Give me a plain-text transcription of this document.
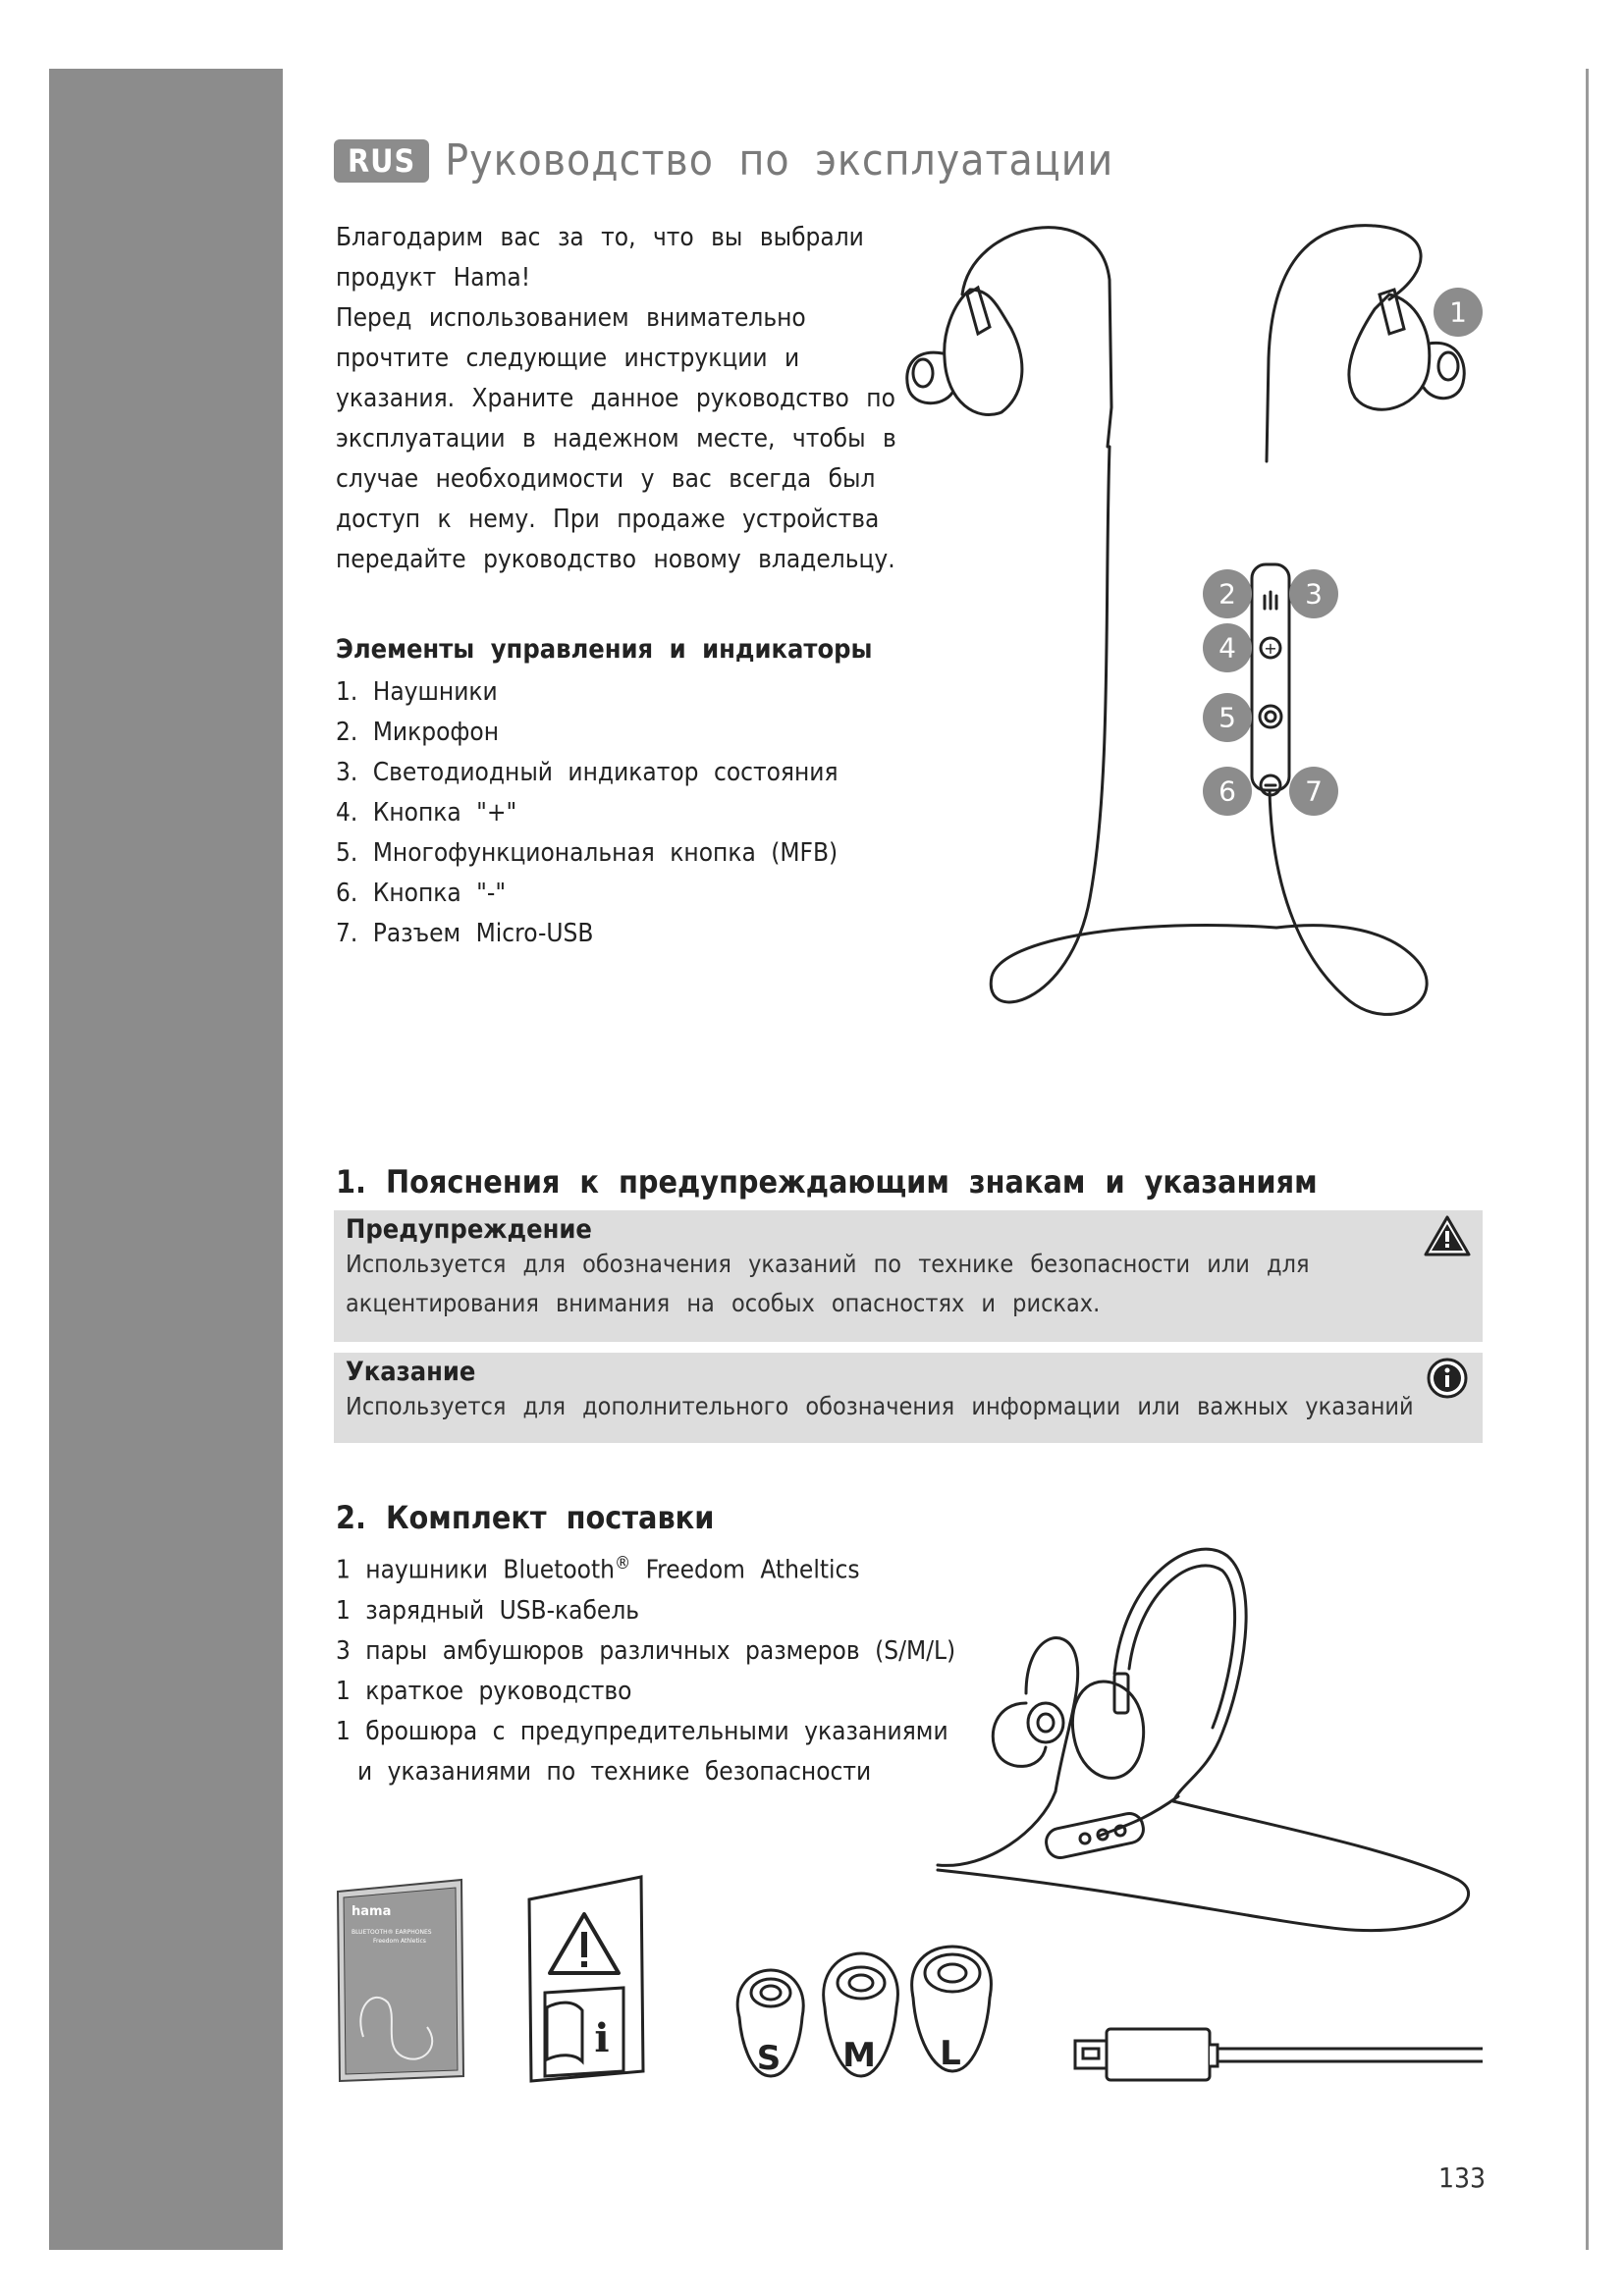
RUS Руководство по эксплуатации

Благодарим вас за то, что вы выбрали продукт Hama!

Перед использованием внимательно прочтите следующие инструкции и указания. Храните данное руководство по эксплуатации в надежном месте, чтобы в случае необходимости у вас всегда был доступ к нему. При продаже устройства передайте руководство новому владельцу.

Элементы управления и индикаторы
1. Наушники
2. Микрофон
3. Светодиодный индикатор состояния
4. Кнопка "+"
5. Многофункциональная кнопка (MFB)
6. Кнопка "-"
7. Разъем Micro-USB
+
1
2	3
4
5
6	7
1. Пояснения к предупреждающим знакам и указаниям
Предупреждение
Используется для обозначения указаний по технике безопасности или для акцентирования внимания на особых опасностях и рисках.
Указание
Используется для дополнительного обозначения информации или важных указаний
2. Комплект поставки
1 наушники Bluetooth® Freedom Atheltics
1 зарядный USB-кабель
3 пары амбушюров различных размеров (S/M/L)
1 краткое руководство
1 брошюра с предупредительными указаниями и указаниями по технике безопасности
hama
BLUETOOTH® EARPHONES
Freedom Athletics
i	S M L
133
